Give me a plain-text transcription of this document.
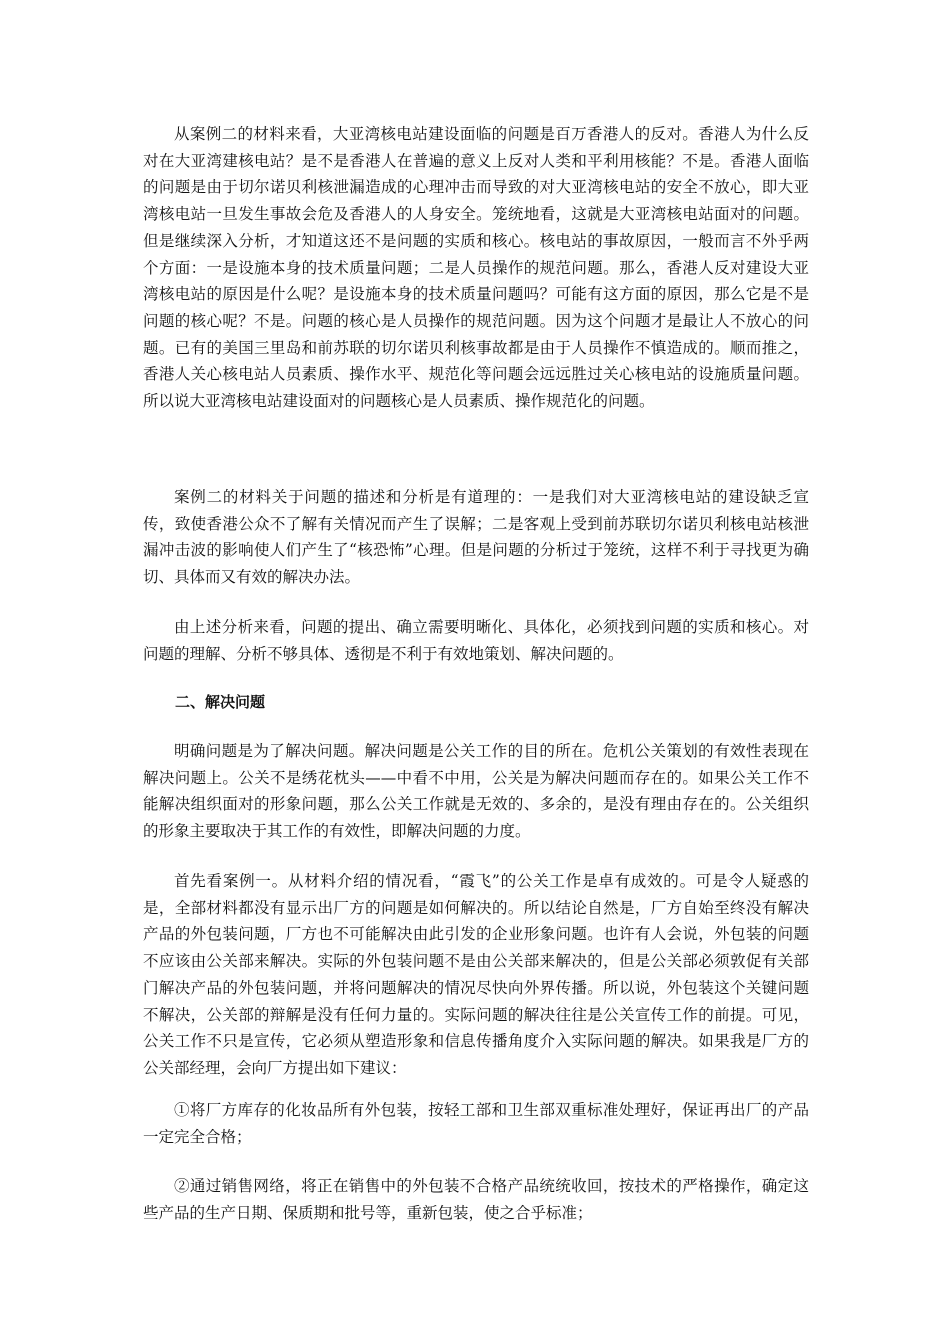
从案例二的材料来看，大亚湾核电站建设面临的问题是百万香港人的反对。香港人为什么反对在大亚湾建核电站？是不是香港人在普遍的意义上反对人类和平利用核能？不是。香港人面临的问题是由于切尔诺贝利核泄漏造成的心理冲击而导致的对大亚湾核电站的安全不放心，即大亚湾核电站一旦发生事故会危及香港人的人身安全。笼统地看，这就是大亚湾核电站面对的问题。但是继续深入分析，才知道这还不是问题的实质和核心。核电站的事故原因，一般而言不外乎两个方面：一是设施本身的技术质量问题；二是人员操作的规范问题。那么，香港人反对建设大亚湾核电站的原因是什么呢？是设施本身的技术质量问题吗？可能有这方面的原因，那么它是不是问题的核心呢？不是。问题的核心是人员操作的规范问题。因为这个问题才是最让人不放心的问题。已有的美国三里岛和前苏联的切尔诺贝利核事故都是由于人员操作不慎造成的。顺而推之，香港人关心核电站人员素质、操作水平、规范化等问题会远远胜过关心核电站的设施质量问题。所以说大亚湾核电站建设面对的问题核心是人员素质、操作规范化的问题。

案例二的材料关于问题的描述和分析是有道理的：一是我们对大亚湾核电站的建设缺乏宣传，致使香港公众不了解有关情况而产生了误解；二是客观上受到前苏联切尔诺贝利核电站核泄漏冲击波的影响使人们产生了“核恐怖”心理。但是问题的分析过于笼统，这样不利于寻找更为确切、具体而又有效的解决办法。

由上述分析来看，问题的提出、确立需要明晰化、具体化，必须找到问题的实质和核心。对问题的理解、分析不够具体、透彻是不利于有效地策划、解决问题的。

二、解决问题

明确问题是为了解决问题。解决问题是公关工作的目的所在。危机公关策划的有效性表现在解决问题上。公关不是绣花枕头——中看不中用，公关是为解决问题而存在的。如果公关工作不能解决组织面对的形象问题，那么公关工作就是无效的、多余的，是没有理由存在的。公关组织的形象主要取决于其工作的有效性，即解决问题的力度。

首先看案例一。从材料介绍的情况看，“霞飞”的公关工作是卓有成效的。可是令人疑惑的是，全部材料都没有显示出厂方的问题是如何解决的。所以结论自然是，厂方自始至终没有解决产品的外包装问题，厂方也不可能解决由此引发的企业形象问题。也许有人会说，外包装的问题不应该由公关部来解决。实际的外包装问题不是由公关部来解决的，但是公关部必须敦促有关部门解决产品的外包装问题，并将问题解决的情况尽快向外界传播。所以说，外包装这个关键问题不解决，公关部的辩解是没有任何力量的。实际问题的解决往往是公关宣传工作的前提。可见，公关工作不只是宣传，它必须从塑造形象和信息传播角度介入实际问题的解决。如果我是厂方的公关部经理，会向厂方提出如下建议：

①将厂方库存的化妆品所有外包装，按轻工部和卫生部双重标准处理好，保证再出厂的产品一定完全合格；

②通过销售网络，将正在销售中的外包装不合格产品统统收回，按技术的严格操作，确定这些产品的生产日期、保质期和批号等，重新包装，使之合乎标准；
